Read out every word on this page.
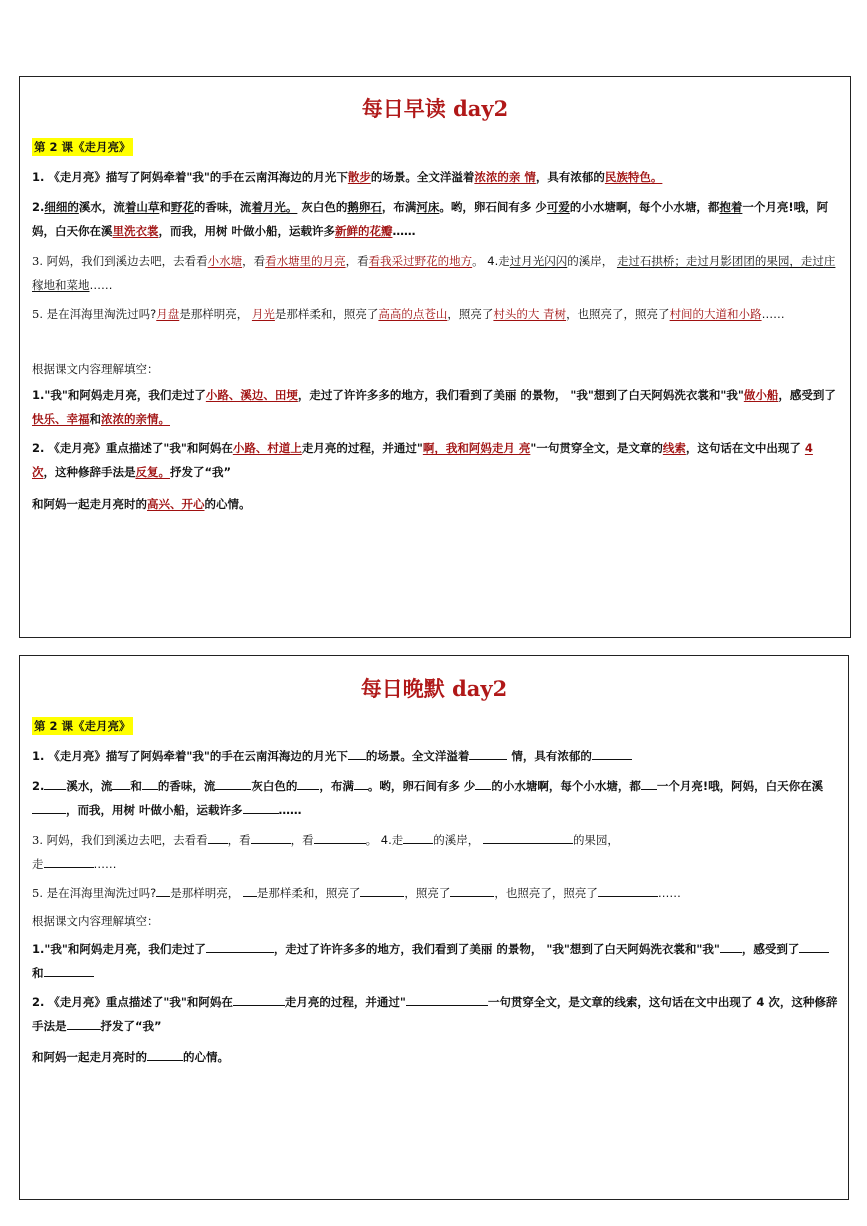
每日早读 day2
第 2 课《走月亮》
1. 《走月亮》描写了阿妈牵着"我"的手在云南洱海边的月光下散步的场景。全文洋溢着浓浓的亲 情，具有浓郁的民族特色。
2.细细的溪水，流着山草和野花的香味，流着月光。 灰白色的鹅卵石，布满河床。哟，卵石间有多 少可爱的小水塘啊，每个小水塘，都抱着一个月亮!哦，阿妈，白天你在溪里洗衣裳，而我，用树 叶做小船，运载许多新鲜的花瓣……
3. 阿妈，我们到溪边去吧，去看看小水塘，看看水塘里的月亮，看看我采过野花的地方。 4.走过月光闪闪的溪岸， 走过石拱桥；走过月影团团的果园，走过庄稼地和菜地……
5. 是在洱海里淘洗过吗?月盘是那样明亮， 月光是那样柔和，照亮了高高的点苍山，照亮了村头的大 青树，也照亮了，照亮了村间的大道和小路……
根据课文内容理解填空：
1."我"和阿妈走月亮，我们走过了小路、溪边、田埂，走过了许许多多的地方，我们看到了美丽 的景物， "我"想到了白天阿妈洗衣裳和"我"做小船，感受到了快乐、幸福和浓浓的亲情。
2. 《走月亮》重点描述了"我"和阿妈在小路、村道上走月亮的过程，并通过"啊，我和阿妈走月 亮"一句贯穿全文，是文章的线索，这句话在文中出现了 4 次，这种修辞手法是反复。抒发了“我”
和阿妈一起走月亮时的高兴、开心的心情。
每日晚默 day2
第 2 课《走月亮》
1. 《走月亮》描写了阿妈牵着"我"的手在云南洱海边的月光下 的场景。全文洋溢着	情，具有浓郁的
2. 溪水，流 和 的香味，流	灰白色的 ，布满 。哟，卵石间有多 少 的小水塘啊，每个小水塘，都 一个月亮!哦，阿妈，白天你在溪，而我，用树 叶做小船，运载许多	……
3. 阿妈，我们到溪边去吧，去看看 ，看	，看	。 4.走	的溪岸，	的果园，
走	……
5. 是在洱海里淘洗过吗? 是那样明亮， 是那样柔和，照亮了	，照亮了	，也照亮了，照亮了	……
根据课文内容理解填空：
1."我"和阿妈走月亮，我们走过了	，走过了许许多多的地方，我们看到了美丽 的景物， "我"想到了白天阿妈洗衣裳和"我" ，感受到了和
2. 《走月亮》重点描述了"我"和阿妈在	走月亮的过程，并通过"	一句贯穿全文，是文章的线索，这句话在文中出现了 4 次，这种修辞手法是	抒发了“我”
和阿妈一起走月亮时的	的心情。
